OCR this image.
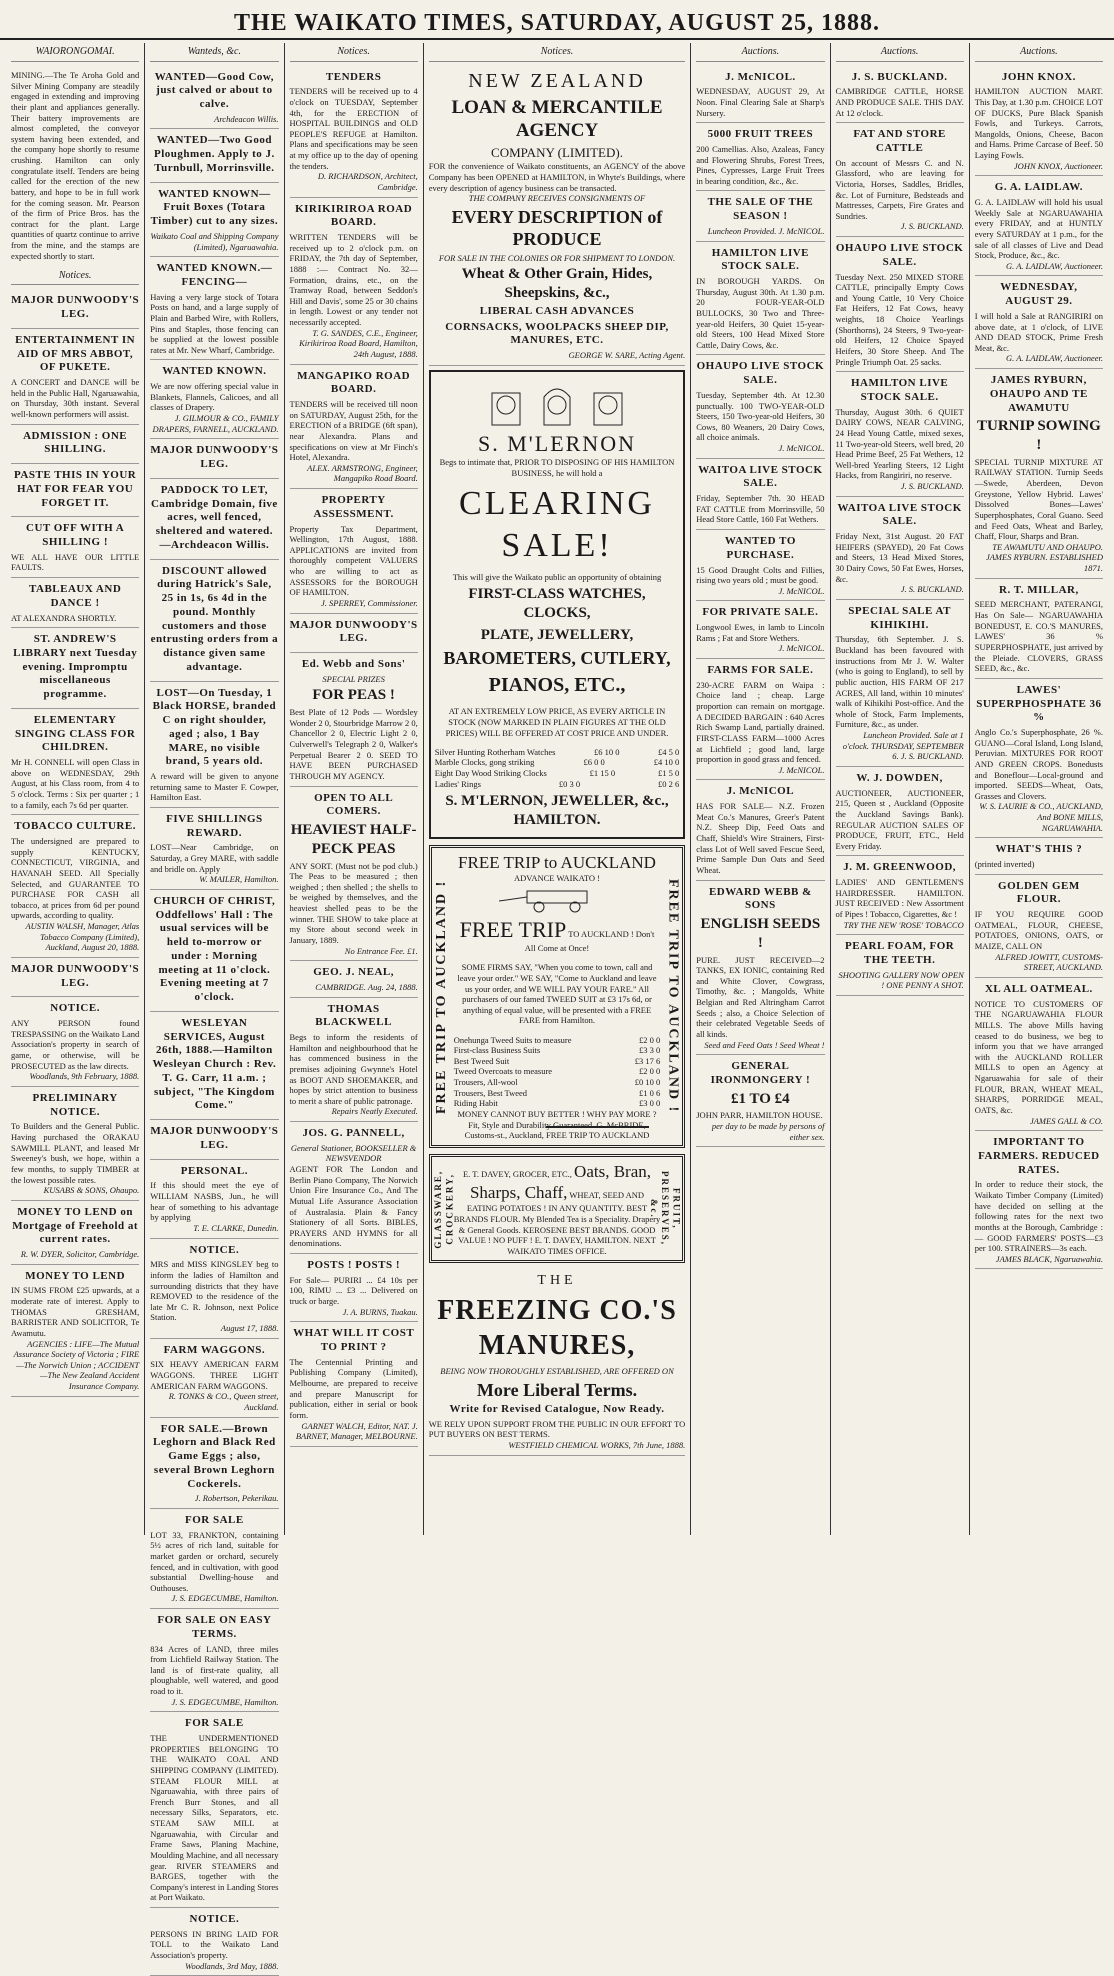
THE WAIKATO TIMES, SATURDAY, AUGUST 25, 1888.
WAIORONGOMAI.

MINING.—The Te Aroha Gold and Silver Mining Company are steadily engaged in extending and improving their plant and appliances generally. Their battery improvements are almost completed, the conveyor system having been extended, and the company hope shortly to resume crushing. Hamilton can only congratulate itself. Tenders are being called for the erection of the new battery, and hope to be in full work for the coming season. Mr. Pearson of the firm of Price Bros. has the contract for the plant. Large quantities of quartz continue to arrive from the mine, and the stamps are expected shortly to start.

Notices.
MAJOR DUNWOODY'S LEG.
ENTERTAINMENT IN AID OF MRS ABBOT, OF PUKETE.

A CONCERT and DANCE will be held in the Public Hall, Ngaruawahia, on Thursday, 30th instant. Several well-known performers will assist.

ADMISSION : ONE SHILLING.
PASTE THIS IN YOUR HAT FOR FEAR YOU FORGET IT.
CUT OFF WITH A SHILLING !

WE ALL HAVE OUR LITTLE FAULTS.

TABLEAUX AND DANCE !

AT ALEXANDRA SHORTLY.

ST. ANDREW'S LIBRARY next Tuesday evening. Impromptu miscellaneous programme.
ELEMENTARY SINGING CLASS FOR CHILDREN.

Mr H. CONNELL will open Class in above on WEDNESDAY, 29th August, at his Class room, from 4 to 5 o'clock. Terms : Six per quarter ; 1 to a family, each 7s 6d per quarter.

TOBACCO CULTURE.

The undersigned are prepared to supply KENTUCKY, CONNECTICUT, VIRGINIA, and HAVANAH SEED. All Specially Selected, and GUARANTEE TO PURCHASE FOR CASH all tobacco, at prices from 6d per pound upwards, according to quality.

AUSTIN WALSH, Manager, Atlas Tobacco Company (Limited), Auckland, August 20, 1888.
MAJOR DUNWOODY'S LEG.
NOTICE.

ANY PERSON found TRESPASSING on the Waikato Land Association's property in search of game, or otherwise, will be PROSECUTED as the law directs.

Woodlands, 9th February, 1888.
PRELIMINARY NOTICE.

To Builders and the General Public. Having purchased the ORAKAU SAWMILL PLANT, and leased Mr Sweeney's bush, we hope, within a few months, to supply TIMBER at the lowest possible rates.

KUSABS & SONS, Ohaupo.
MONEY TO LEND on Mortgage of Freehold at current rates.
R. W. DYER, Solicitor, Cambridge.
MONEY TO LEND

IN SUMS FROM £25 upwards, at a moderate rate of interest. Apply to THOMAS GRESHAM, BARRISTER AND SOLICITOR, Te Awamutu.

AGENCIES : LIFE—The Mutual Assurance Society of Victoria ; FIRE—The Norwich Union ; ACCIDENT—The New Zealand Accident Insurance Company.
Wanteds, &c.
WANTED—Good Cow, just calved or about to calve.
Archdeacon Willis.
WANTED—Two Good Ploughmen. Apply to J. Turnbull, Morrinsville.
WANTED KNOWN—Fruit Boxes (Totara Timber) cut to any sizes.
Waikato Coal and Shipping Company (Limited), Ngaruawahia.
WANTED KNOWN.—FENCING—

Having a very large stock of Totara Posts on hand, and a large supply of Plain and Barbed Wire, with Rollers, Pins and Staples, those fencing can be supplied at the lowest possible rates at Mr. New Wharf, Cambridge.

WANTED KNOWN.

We are now offering special value in Blankets, Flannels, Calicoes, and all classes of Drapery.

J. GILMOUR & CO., FAMILY DRAPERS, FARNELL, AUCKLAND.
MAJOR DUNWOODY'S LEG.
PADDOCK TO LET, Cambridge Domain, five acres, well fenced, sheltered and watered.—Archdeacon Willis.
DISCOUNT allowed during Hatrick's Sale, 25 in 1s, 6s 4d in the pound. Monthly customers and those entrusting orders from a distance given same advantage.
LOST—On Tuesday, 1 Black HORSE, branded C on right shoulder, aged ; also, 1 Bay MARE, no visible brand, 5 years old.

A reward will be given to anyone returning same to Master F. Cowper, Hamilton East.

FIVE SHILLINGS REWARD.

LOST—Near Cambridge, on Saturday, a Grey MARE, with saddle and bridle on. Apply

W. MAILER, Hamilton.
CHURCH OF CHRIST, Oddfellows' Hall : The usual services will be held to-morrow or under : Morning meeting at 11 o'clock. Evening meeting at 7 o'clock.
WESLEYAN SERVICES, August 26th, 1888.—Hamilton Wesleyan Church : Rev. T. G. Carr, 11 a.m. ; subject, "The Kingdom Come."
MAJOR DUNWOODY'S LEG.
PERSONAL.

If this should meet the eye of WILLIAM NASBS, Jun., he will hear of something to his advantage by applying

T. E. CLARKE, Dunedin.
NOTICE.

MRS and MISS KINGSLEY beg to inform the ladies of Hamilton and surrounding districts that they have REMOVED to the residence of the late Mr C. R. Johnson, next Police Station.

August 17, 1888.
FARM WAGGONS.

SIX HEAVY AMERICAN FARM WAGGONS. THREE LIGHT AMERICAN FARM WAGGONS.

R. TONKS & CO., Queen street, Auckland.
FOR SALE.—Brown Leghorn and Black Red Game Eggs ; also, several Brown Leghorn Cockerels.
J. Robertson, Pekerikau.
FOR SALE

LOT 33, FRANKTON, containing 5½ acres of rich land, suitable for market garden or orchard, securely fenced, and in cultivation, with good substantial Dwelling-house and Outhouses.

J. S. EDGECUMBE, Hamilton.
FOR SALE ON EASY TERMS.

834 Acres of LAND, three miles from Lichfield Railway Station. The land is of first-rate quality, all ploughable, well watered, and good road to it.

J. S. EDGECUMBE, Hamilton.
FOR SALE

THE UNDERMENTIONED PROPERTIES BELONGING TO THE WAIKATO COAL AND SHIPPING COMPANY (LIMITED). STEAM FLOUR MILL at Ngaruawahia, with three pairs of French Burr Stones, and all necessary Silks, Separators, etc. STEAM SAW MILL at Ngaruawahia, with Circular and Frame Saws, Planing Machine, Moulding Machine, and all necessary gear. RIVER STEAMERS and BARGES, together with the Company's interest in Landing Stores at Port Waikato.

NOTICE.

PERSONS IN BRING LAID FOR TOLL to the Waikato Land Association's property.

Woodlands, 3rd May, 1888.
Notices.
TENDERS

TENDERS will be received up to 4 o'clock on TUESDAY, September 4th, for the ERECTION of HOSPITAL BUILDINGS and OLD PEOPLE'S REFUGE at Hamilton. Plans and specifications may be seen at my office up to the day of opening the tenders.

D. RICHARDSON, Architect, Cambridge.
KIRIKIRIROA ROAD BOARD.

WRITTEN TENDERS will be received up to 2 o'clock p.m. on FRIDAY, the 7th day of September, 1888 :— Contract No. 32—Formation, drains, etc., on the Tramway Road, between Seddon's Hill and Davis', some 25 or 30 chains in length. Lowest or any tender not necessarily accepted.

T. G. SANDES, C.E., Engineer, Kirikiriroa Road Board, Hamilton, 24th August, 1888.
MANGAPIKO ROAD BOARD.

TENDERS will be received till noon on SATURDAY, August 25th, for the ERECTION of a BRIDGE (6ft span), near Alexandra. Plans and specifications on view at Mr Finch's Hotel, Alexandra.

ALEX. ARMSTRONG, Engineer, Mangapiko Road Board.
PROPERTY ASSESSMENT.

Property Tax Department, Wellington, 17th August, 1888. APPLICATIONS are invited from thoroughly competent VALUERS who are willing to act as ASSESSORS for the BOROUGH OF HAMILTON.

J. SPERREY, Commissioner.
MAJOR DUNWOODY'S LEG.
Ed. Webb and Sons'
SPECIAL PRIZES
FOR PEAS !

Best Plate of 12 Pods — Wordsley Wonder 2 0, Stourbridge Marrow 2 0, Chancellor 2 0, Electric Light 2 0, Culverwell's Telegraph 2 0, Walker's Perpetual Bearer 2 0. SEED TO HAVE BEEN PURCHASED THROUGH MY AGENCY.

OPEN TO ALL COMERS.
HEAVIEST HALF-PECK PEAS

ANY SORT. (Must not be pod club.) The Peas to be measured ; then weighed ; then shelled ; the shells to be weighed by themselves, and the heaviest shelled peas to be the winner. THE SHOW to take place at my Store about second week in January, 1889.

No Entrance Fee. £1.
GEO. J. NEAL,
CAMBRIDGE. Aug. 24, 1888.
THOMAS BLACKWELL

Begs to inform the residents of Hamilton and neighbourhood that he has commenced business in the premises adjoining Gwynne's Hotel as BOOT AND SHOEMAKER, and hopes by strict attention to business to merit a share of public patronage.

Repairs Neatly Executed.
JOS. G. PANNELL,
General Stationer, BOOKSELLER & NEWSVENDOR

AGENT FOR The London and Berlin Piano Company, The Norwich Union Fire Insurance Co., And The Mutual Life Assurance Association of Australasia. Plain & Fancy Stationery of all Sorts. BIBLES, PRAYERS AND HYMNS for all denominations.

POSTS ! POSTS !

For Sale— PURIRI ... £4 10s per 100, RIMU ... £3 ... Delivered on truck or barge.

J. A. BURNS, Tuakau.
WHAT WILL IT COST TO PRINT ?

The Centennial Printing and Publishing Company (Limited), Melbourne, are prepared to receive and prepare Manuscript for publication, either in serial or book form.

GARNET WALCH, Editor, NAT. J. BARNET, Manager, MELBOURNE.
Notices.
NEW ZEALAND
LOAN & MERCANTILE AGENCY
COMPANY (LIMITED).

FOR the convenience of Waikato constituents, an AGENCY of the above Company has been OPENED at HAMILTON, in Whyte's Buildings, where every description of agency business can be transacted.

THE COMPANY RECEIVES CONSIGNMENTS OF
EVERY DESCRIPTION of PRODUCE
FOR SALE IN THE COLONIES OR FOR SHIPMENT TO LONDON.
Wheat & Other Grain, Hides, Sheepskins, &c.,
LIBERAL CASH ADVANCES
CORNSACKS, WOOLPACKS SHEEP DIP, MANURES, ETC.
GEORGE W. SARE, Acting Agent.
S. M'LERNON
Begs to intimate that, PRIOR TO DISPOSING OF HIS HAMILTON BUSINESS, he will hold a
CLEARING SALE!
This will give the Waikato public an opportunity of obtaining
FIRST-CLASS WATCHES, CLOCKS,
PLATE, JEWELLERY,
BAROMETERS, CUTLERY,
PIANOS, ETC.,

AT AN EXTREMELY LOW PRICE, AS EVERY ARTICLE IN STOCK (NOW MARKED IN PLAIN FIGURES AT THE OLD PRICES) WILL BE OFFERED AT COST PRICE AND UNDER.

Silver Hunting Rotherham Watches	£6 10 0	£4 5 0
Marble Clocks, gong striking	£6 0 0	£4 10 0
Eight Day Wood Striking Clocks	£1 15 0	£1 5 0
Ladies' Rings	£0 3 0	£0 2 6
S. M'LERNON, JEWELLER, &c., HAMILTON.
FREE TRIP TO AUCKLAND !	FREE TRIP TO AUCKLAND !
FREE TRIP to AUCKLAND ADVANCE WAIKATO !
FREE TRIP TO AUCKLAND ! Don't All Come at Once!

SOME FIRMS SAY, "When you come to town, call and leave your order." WE SAY, "Come to Auckland and leave us your order, and WE WILL PAY YOUR FARE." All purchasers of our famed TWEED SUIT at £3 17s 6d, or anything of equal value, will be presented with a FREE FARE from Hamilton.

Onehunga Tweed Suits to measure	£2 0 0
First-class Business Suits	£3 3 0
Best Tweed Suit	£3 17 6
Tweed Overcoats to measure	£2 0 0
Trousers, All-wool	£0 10 0
Trousers, Best Tweed	£1 0 6
Riding Habit	£3 0 0
MONEY CANNOT BUY BETTER ! WHY PAY MORE ? Fit, Style and Durability Guaranteed. G. McBRIDE, Customs-st., Auckland, FREE TRIP TO AUCKLAND
GLASSWARE, CROCKERY,	FRUIT, PRESERVES, &c.
E. T. DAVEY, GROCER, ETC., Oats, Bran, Sharps, Chaff, WHEAT, SEED AND EATING POTATOES ! IN ANY QUANTITY. BEST BRANDS FLOUR. My Blended Tea is a Speciality. Drapery & General Goods. KEROSENE BEST BRANDS. GOOD VALUE ! NO PUFF ! E. T. DAVEY, HAMILTON. NEXT WAIKATO TIMES OFFICE.
THE
FREEZING CO.'S MANURES,
BEING NOW THOROUGHLY ESTABLISHED, ARE OFFERED ON
More Liberal Terms.
Write for Revised Catalogue, Now Ready.

WE RELY UPON SUPPORT FROM THE PUBLIC IN OUR EFFORT TO PUT BUYERS ON BEST TERMS.

WESTFIELD CHEMICAL WORKS, 7th June, 1888.
Auctions.
J. McNICOL.

WEDNESDAY, AUGUST 29, At Noon. Final Clearing Sale at Sharp's Nursery.

5000 FRUIT TREES

200 Camellias. Also, Azaleas, Fancy and Flowering Shrubs, Forest Trees, Pines, Cypresses, Large Fruit Trees in bearing condition, &c., &c.

THE SALE OF THE SEASON !
Luncheon Provided. J. McNICOL.
HAMILTON LIVE STOCK SALE.

IN BOROUGH YARDS. On Thursday, August 30th. At 1.30 p.m. 20 FOUR-YEAR-OLD BULLOCKS, 30 Two and Three-year-old Heifers, 30 Quiet 15-year-old Steers, 100 Head Mixed Store Cattle, Dairy Cows, &c.

OHAUPO LIVE STOCK SALE.

Tuesday, September 4th. At 12.30 punctually. 100 TWO-YEAR-OLD Steers, 150 Two-year-old Heifers, 30 Cows, 80 Weaners, 20 Dairy Cows, all choice animals.

J. McNICOL.
WAITOA LIVE STOCK SALE.

Friday, September 7th. 30 HEAD FAT CATTLE from Morrinsville, 50 Head Store Cattle, 160 Fat Wethers.

WANTED TO PURCHASE.

15 Good Draught Colts and Fillies, rising two years old ; must be good.

J. McNICOL.
FOR PRIVATE SALE.

Longwool Ewes, in lamb to Lincoln Rams ; Fat and Store Wethers.

J. McNICOL.
FARMS FOR SALE.

230-ACRE FARM on Waipa : Choice land ; cheap. Large proportion can remain on mortgage. A DECIDED BARGAIN : 640 Acres Rich Swamp Land, partially drained. FIRST-CLASS FARM—1000 Acres at Lichfield ; good land, large proportion in good grass and fenced.

J. McNICOL.
J. McNICOL

HAS FOR SALE— N.Z. Frozen Meat Co.'s Manures, Greer's Patent N.Z. Sheep Dip, Feed Oats and Chaff, Shield's Wire Strainers, First-class Lot of Well saved Fescue Seed, Prime Sample Dun Oats and Seed Wheat.

EDWARD WEBB & SONS
ENGLISH SEEDS !

PURE. JUST RECEIVED—2 TANKS, EX IONIC, containing Red and White Clover, Cowgrass, Timothy, &c. ; Mangolds, White Belgian and Red Altringham Carrot Seeds ; also, a Choice Selection of their celebrated Vegetable Seeds of all kinds.

Seed and Feed Oats ! Seed Wheat !
GENERAL IRONMONGERY !
£1 TO £4

JOHN PARR, HAMILTON HOUSE.

per day to be made by persons of either sex.
Auctions.
J. S. BUCKLAND.

CAMBRIDGE CATTLE, HORSE AND PRODUCE SALE. THIS DAY. At 12 o'clock.

FAT AND STORE CATTLE

On account of Messrs C. and N. Glassford, who are leaving for Victoria, Horses, Saddles, Bridles, &c. Lot of Furniture, Bedsteads and Mattresses, Carpets, Fire Grates and Sundries.

J. S. BUCKLAND.
OHAUPO LIVE STOCK SALE.

Tuesday Next. 250 MIXED STORE CATTLE, principally Empty Cows and Young Cattle, 10 Very Choice Fat Heifers, 12 Fat Cows, heavy weights, 18 Choice Yearlings (Shorthorns), 24 Steers, 9 Two-year-old Heifers, 12 Choice Spayed Heifers, 30 Store Sheep. And The Pringle Triumph Oat. 25 sacks.

HAMILTON LIVE STOCK SALE.

Thursday, August 30th. 6 QUIET DAIRY COWS, NEAR CALVING, 24 Head Young Cattle, mixed sexes, 11 Two-year-old Steers, well bred, 20 Head Prime Beef, 25 Fat Wethers, 12 Well-bred Yearling Steers, 12 Light Hacks, from Rangiriri, no reserve.

J. S. BUCKLAND.
WAITOA LIVE STOCK SALE.

Friday Next, 31st August. 20 FAT HEIFERS (SPAYED), 20 Fat Cows and Steers, 13 Head Mixed Stores, 30 Dairy Cows, 50 Fat Ewes, Horses, &c.

J. S. BUCKLAND.
SPECIAL SALE AT KIHIKIHI.

Thursday, 6th September. J. S. Buckland has been favoured with instructions from Mr J. W. Walter (who is going to England), to sell by public auction, HIS FARM OF 217 ACRES, All land, within 10 minutes' walk of Kihikihi Post-office. And the whole of Stock, Farm Implements, Furniture, &c., as under.

Luncheon Provided. Sale at 1 o'clock. THURSDAY, SEPTEMBER 6. J. S. BUCKLAND.
W. J. DOWDEN,

AUCTIONEER, AUCTIONEER, 215, Queen st , Auckland (Opposite the Auckland Savings Bank). REGULAR AUCTION SALES OF PRODUCE, FRUIT, ETC., Held Every Friday.

J. M. GREENWOOD,

LADIES' AND GENTLEMEN'S HAIRDRESSER. HAMILTON. JUST RECEIVED : New Assortment of Pipes ! Tobacco, Cigarettes, &c !

TRY THE NEW 'ROSE' TOBACCO
PEARL FOAM, FOR THE TEETH.
SHOOTING GALLERY NOW OPEN ! ONE PENNY A SHOT.
Auctions.
JOHN KNOX.

HAMILTON AUCTION MART. This Day, at 1.30 p.m. CHOICE LOT OF DUCKS, Pure Black Spanish Fowls, and Turkeys. Carrots, Mangolds, Onions, Cheese, Bacon and Hams. Prime Carcase of Beef. 50 Laying Fowls.

JOHN KNOX, Auctioneer.
G. A. LAIDLAW.

G. A. LAIDLAW will hold his usual Weekly Sale at NGARUAWAHIA every FRIDAY, and at HUNTLY every SATURDAY at 1 p.m., for the sale of all classes of Live and Dead Stock, Produce, &c., &c.

G. A. LAIDLAW, Auctioneer.
WEDNESDAY, AUGUST 29.

I will hold a Sale at RANGIRIRI on above date, at 1 o'clock, of LIVE AND DEAD STOCK, Prime Fresh Meat, &c.

G. A. LAIDLAW, Auctioneer.
JAMES RYBURN, OHAUPO AND TE AWAMUTU
TURNIP SOWING !

SPECIAL TURNIP MIXTURE AT RAILWAY STATION. Turnip Seeds—Swede, Aberdeen, Devon Greystone, Yellow Hybrid. Lawes' Dissolved Bones—Lawes' Superphosphates, Coral Guano. Seed and Feed Oats, Wheat and Barley, Chaff, Flour, Sharps and Bran.

TE AWAMUTU AND OHAUPO. JAMES RYBURN. ESTABLISHED 1871.
R. T. MILLAR,

SEED MERCHANT, PATERANGI, Has On Sale— NGARUAWAHIA BONEDUST, E. CO.'S MANURES, LAWES' 36 % SUPERPHOSPHATE, just arrived by the Pleiade. CLOVERS, GRASS SEED, &c., &c.

LAWES' SUPERPHOSPHATE 36 %

Anglo Co.'s Superphosphate, 26 %. GUANO—Coral Island, Long Island, Peruvian. MIXTURES FOR ROOT AND GREEN CROPS. Bonedusts and Boneflour—Local-ground and imported. SEEDS—Wheat, Oats, Grasses and Clovers.

W. S. LAURIE & CO., AUCKLAND, And BONE MILLS, NGARUAWAHIA.
WHAT'S THIS ?

(printed inverted)

GOLDEN GEM FLOUR.

IF YOU REQUIRE GOOD OATMEAL, FLOUR, CHEESE, POTATOES, ONIONS, OATS, or MAIZE, CALL ON

ALFRED JOWITT, CUSTOMS-STREET, AUCKLAND.
XL ALL OATMEAL.

NOTICE TO CUSTOMERS OF THE NGARUAWAHIA FLOUR MILLS. The above Mills having ceased to do business, we beg to inform you that we have arranged with the AUCKLAND ROLLER MILLS to open an Agency at Ngaruawahia for sale of their FLOUR, BRAN, WHEAT MEAL, SHARPS, PORRIDGE MEAL, OATS, &c.

JAMES GALL & CO.
IMPORTANT TO FARMERS. REDUCED RATES.

In order to reduce their stock, the Waikato Timber Company (Limited) have decided on selling at the following rates for the next two months at the Borough, Cambridge :— GOOD FARMERS' POSTS—£3 per 100. STRAINERS—3s each.

JAMES BLACK, Ngaruawahia.
